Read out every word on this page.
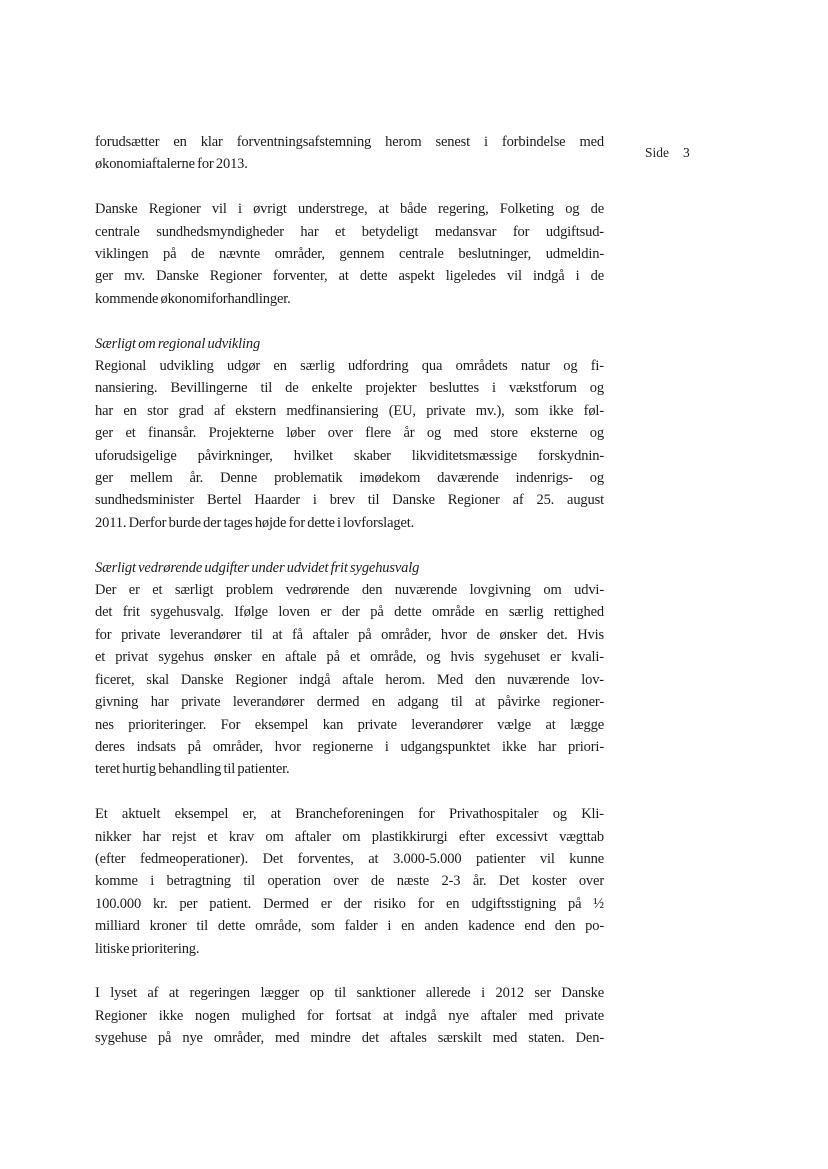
Side 3
forudsætter en klar forventningsafstemning herom senest i forbindelse med
økonomiaftalerne for 2013.
Danske Regioner vil i øvrigt understrege, at både regering, Folketing og de
centrale sundhedsmyndigheder har et betydeligt medansvar for udgiftsud-
viklingen på de nævnte områder, gennem centrale beslutninger, udmeldin-
ger mv. Danske Regioner forventer, at dette aspekt ligeledes vil indgå i de
kommende økonomiforhandlinger.
Særligt om regional udvikling
Regional udvikling udgør en særlig udfordring qua områdets natur og fi-
nansiering. Bevillingerne til de enkelte projekter besluttes i vækstforum og
har en stor grad af ekstern medfinansiering (EU, private mv.), som ikke føl-
ger et finansår. Projekterne løber over flere år og med store eksterne og
uforudsigelige påvirkninger, hvilket skaber likviditetsmæssige forskydnin-
ger mellem år. Denne problematik imødekom daværende indenrigs- og
sundhedsminister Bertel Haarder i brev til Danske Regioner af 25. august
2011. Derfor burde der tages højde for dette i lovforslaget.
Særligt vedrørende udgifter under udvidet frit sygehusvalg
Der er et særligt problem vedrørende den nuværende lovgivning om udvi-
det frit sygehusvalg. Ifølge loven er der på dette område en særlig rettighed
for private leverandører til at få aftaler på områder, hvor de ønsker det. Hvis
et privat sygehus ønsker en aftale på et område, og hvis sygehuset er kvali-
ficeret, skal Danske Regioner indgå aftale herom. Med den nuværende lov-
givning har private leverandører dermed en adgang til at påvirke regioner-
nes prioriteringer. For eksempel kan private leverandører vælge at lægge
deres indsats på områder, hvor regionerne i udgangspunktet ikke har priori-
teret hurtig behandling til patienter.
Et aktuelt eksempel er, at Brancheforeningen for Privathospitaler og Kli-
nikker har rejst et krav om aftaler om plastikkirurgi efter excessivt vægttab
(efter fedmeoperationer). Det forventes, at 3.000-5.000 patienter vil kunne
komme i betragtning til operation over de næste 2-3 år. Det koster over
100.000 kr. per patient. Dermed er der risiko for en udgiftsstigning på ½
milliard kroner til dette område, som falder i en anden kadence end den po-
litiske prioritering.
I lyset af at regeringen lægger op til sanktioner allerede i 2012 ser Danske
Regioner ikke nogen mulighed for fortsat at indgå nye aftaler med private
sygehuse på nye områder, med mindre det aftales særskilt med staten. Den-
